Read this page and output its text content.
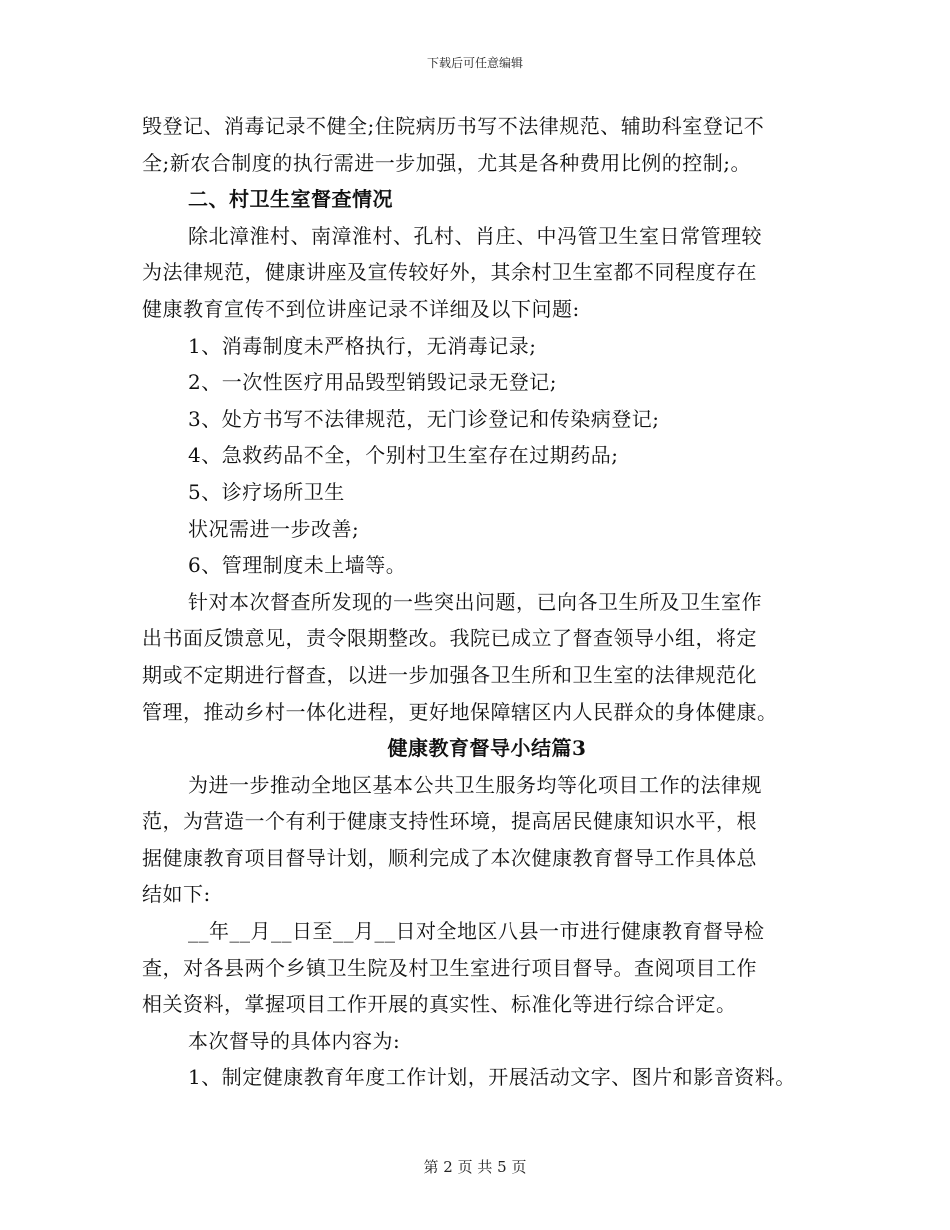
下载后可任意编辑
毁登记、消毒记录不健全;住院病历书写不法律规范、辅助科室登记不
全;新农合制度的执行需进一步加强，尤其是各种费用比例的控制;。
二、村卫生室督查情况
除北漳淮村、南漳淮村、孔村、肖庄、中冯管卫生室日常管理较
为法律规范，健康讲座及宣传较好外，其余村卫生室都不同程度存在
健康教育宣传不到位讲座记录不详细及以下问题:
1、消毒制度未严格执行，无消毒记录;
2、一次性医疗用品毁型销毁记录无登记;
3、处方书写不法律规范，无门诊登记和传染病登记;
4、急救药品不全，个别村卫生室存在过期药品;
5、诊疗场所卫生
状况需进一步改善;
6、管理制度未上墙等。
针对本次督查所发现的一些突出问题，已向各卫生所及卫生室作
出书面反馈意见，责令限期整改。我院已成立了督查领导小组，将定
期或不定期进行督查，以进一步加强各卫生所和卫生室的法律规范化
管理，推动乡村一体化进程，更好地保障辖区内人民群众的身体健康。
健康教育督导小结篇3
为进一步推动全地区基本公共卫生服务均等化项目工作的法律规
范，为营造一个有利于健康支持性环境，提高居民健康知识水平，根
据健康教育项目督导计划，顺利完成了本次健康教育督导工作具体总
结如下:
__年__月__日至__月__日对全地区八县一市进行健康教育督导检
查，对各县两个乡镇卫生院及村卫生室进行项目督导。查阅项目工作
相关资料，掌握项目工作开展的真实性、标准化等进行综合评定。
本次督导的具体内容为:
1、制定健康教育年度工作计划，开展活动文字、图片和影音资料。
第 2 页 共 5 页
